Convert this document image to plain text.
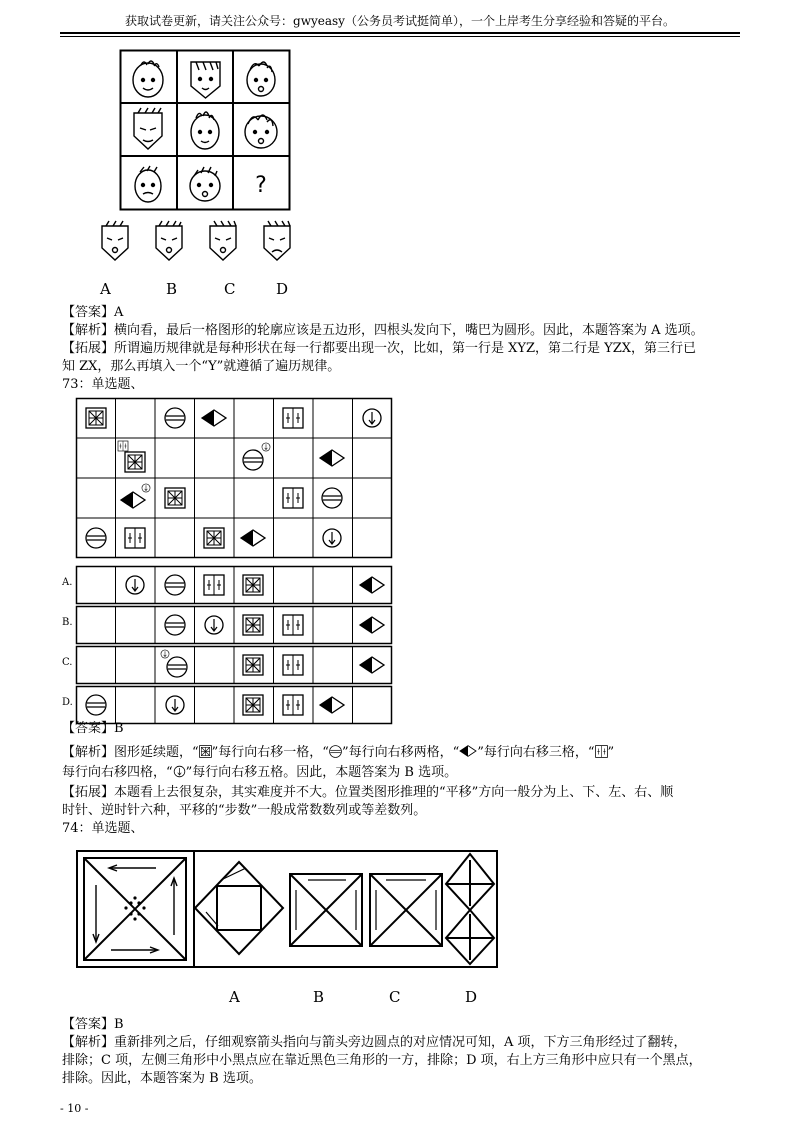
获取试卷更新，请关注公众号：gwyeasy（公务员考试挺简单），一个上岸考生分享经验和答疑的平台。
?
A	B	C	D
【答案】A
【解析】横向看，最后一格图形的轮廓应该是五边形，四根头发向下，嘴巴为圆形。因此，本题答案为 A 选项。
【拓展】所谓遍历规律就是每种形状在每一行都要出现一次，比如，第一行是 XYZ，第二行是 YZX，第三行已
知 ZX，那么再填入一个“Y”就遵循了遍历规律。
73：单选题、
A.
B.
C.
D.
【答案】B
【解析】图形延续题，“ ”每行向右移一格，“ ”每行向右移两格，“ ”每行向右移三格，“ ”
每行向右移四格，“ ”每行向右移五格。因此，本题答案为 B 选项。
【拓展】本题看上去很复杂，其实难度并不大。位置类图形推理的“平移”方向一般分为上、下、左、右、顺
时针、逆时针六种，平移的“步数”一般成常数数列或等差数列。
74：单选题、
A	B	C	D
【答案】B
【解析】重新排列之后，仔细观察箭头指向与箭头旁边圆点的对应情况可知，A 项，下方三角形经过了翻转，
排除；C 项，左侧三角形中小黑点应在靠近黑色三角形的一方，排除；D 项，右上方三角形中应只有一个黑点，
排除。因此，本题答案为 B 选项。
- 10 -
